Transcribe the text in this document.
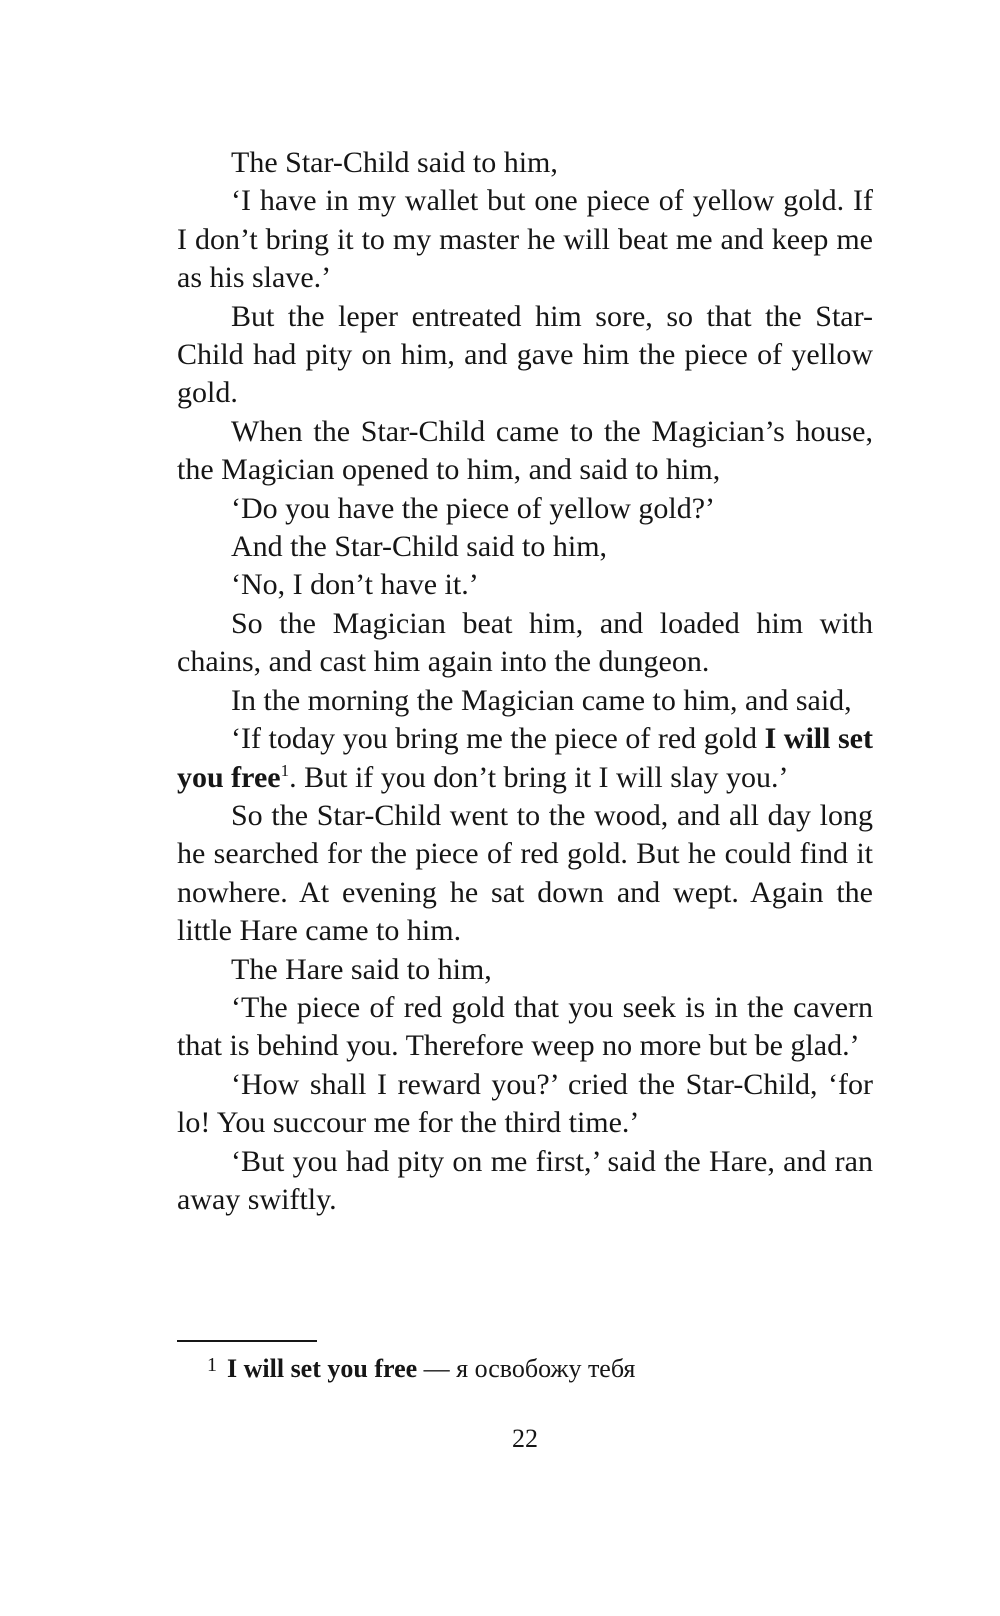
The Star-Child said to him,

‘I have in my wallet but one piece of yellow gold. If I don’t bring it to my master he will beat me and keep me as his slave.’

But the leper entreated him sore, so that the Star-Child had pity on him, and gave him the piece of yellow gold.

When the Star-Child came to the Magician’s house, the Magician opened to him, and said to him,

‘Do you have the piece of yellow gold?’

And the Star-Child said to him,

‘No, I don’t have it.’

So the Magician beat him, and loaded him with chains, and cast him again into the dungeon.

In the morning the Magician came to him, and said,

‘If today you bring me the piece of red gold I will set you free$^1$. But if you don’t bring it I will slay you.’

So the Star-Child went to the wood, and all day long he searched for the piece of red gold. But he could find it nowhere. At evening he sat down and wept. Again the little Hare came to him.

The Hare said to him,

‘The piece of red gold that you seek is in the cavern that is behind you. Therefore weep no more but be glad.’

‘How shall I reward you?’ cried the Star-Child, ‘for lo! You succour me for the third time.’

‘But you had pity on me first,’ said the Hare, and ran away swiftly.

1 I will set you free — я освобожу тебя
22
